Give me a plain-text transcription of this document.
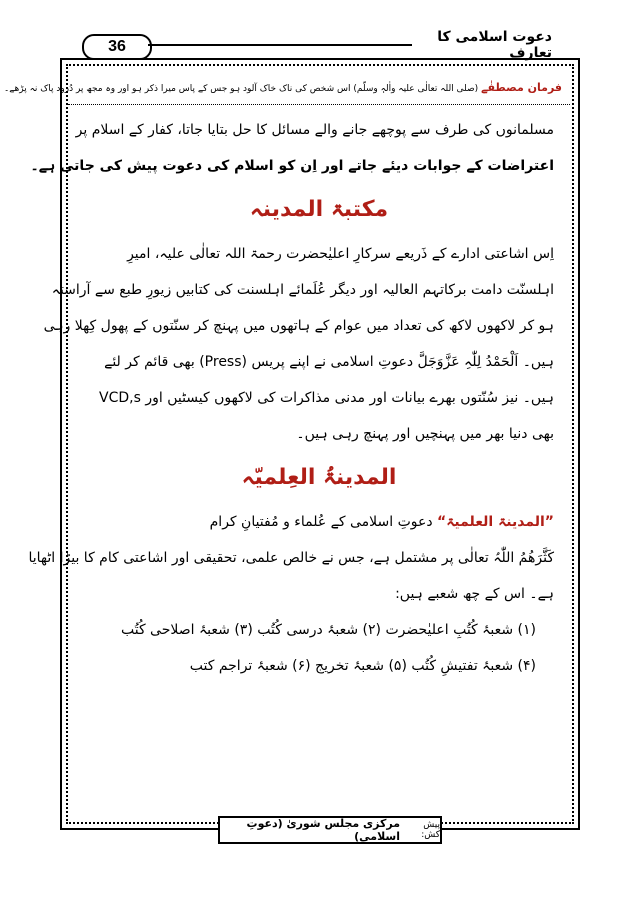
36
دعوت اسلامی کا تعارف
فرمان مصطفٰے (صلی اللہ تعالٰی علیہ واٰلہٖ وسلّم) اس شخص کی ناک خاک آلود ہو جس کے پاس میرا ذکر ہو اور وہ مجھ پر دُرود پاک نہ پڑھے۔
مسلمانوں کی طرف سے پوچھے جانے والے مسائل کا حل بتایا جاتا، کفار کے اسلام پر
اعتراضات کے جوابات دیئے جاتے اور اِن کو اسلام کی دعوت پیش کی جاتی ہے۔
مکتبۃ المدینہ
اِس اشاعتی ادارے کے ذَریعے سرکارِ اعلیٰحضرت رحمۃ اللہ تعالٰی علیہ، امیرِ
اہلسنّت دامت برکاتہم العالیہ اور دیگر عُلَمائے اہلسنت کی کتابیں زیورِ طبع سے آراستہ
ہو کر لاکھوں لاکھ کی تعداد میں عوام کے ہاتھوں میں پہنچ کر سنّتوں کے پھول کِھلا رہی
ہیں۔ اَلْحَمْدُ لِلّٰہِ عَزَّوَجَلَّ دعوتِ اسلامی نے اپنے پریس (Press) بھی قائم کر لئے
ہیں۔ نیز سُنّتوں بھرے بیانات اور مدنی مذاکرات کی لاکھوں کیسٹیں اور VCD,s
بھی دنیا بھر میں پہنچیں اور پہنچ رہی ہیں۔
المدینۃُ العِلمیّہ
”المدینۃ العلمیۃ“ دعوتِ اسلامی کے عُلماء و مُفتیانِ کرام
کَثَّرَھُمُ اللّٰہُ تعالٰی پر مشتمل ہے، جس نے خالص علمی، تحقیقی اور اشاعتی کام کا بیڑا اٹھایا
ہے۔ اس کے چھ شعبے ہیں:
(۱) شعبۂ کُتُبِ اعلیٰحضرت (۲) شعبۂ درسی کُتُب (۳) شعبۂ اصلاحی کُتُب
(۴) شعبۂ تفتیشِ کُتُب (۵) شعبۂ تخریج (۶) شعبۂ تراجم کتب
پیش کش:
مرکزی مجلس شوریٰ (دعوتِ اسلامی)
